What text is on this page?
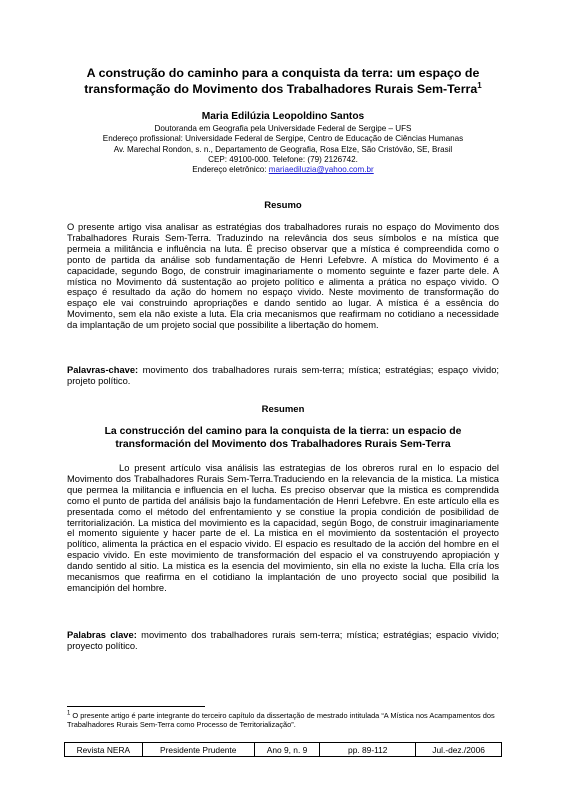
A construção do caminho para a conquista da terra: um espaço de
transformação do Movimento dos Trabalhadores Rurais Sem-Terra$^1$
Maria Edilúzia Leopoldino Santos
Doutoranda em Geografia pela Universidade Federal de Sergipe – UFS
Endereço profissional: Universidade Federal de Sergipe, Centro de Educação de Ciências Humanas
Av. Marechal Rondon, s. n., Departamento de Geografia, Rosa Elze, São Cristóvão, SE, Brasil
CEP: 49100-000. Telefone: (79) 2126742.
Endereço eletrônico: mariaediluzia@yahoo.com.br
Resumo
O presente artigo visa analisar as estratégias dos trabalhadores rurais no espaço do Movimento dos Trabalhadores Rurais Sem-Terra. Traduzindo na relevância dos seus símbolos e na mística que permeia a militância e influência na luta. É preciso observar que a mística é compreendida como o ponto de partida da análise sob fundamentação de Henri Lefebvre. A mística do Movimento é a capacidade, segundo Bogo, de construir imaginariamente o momento seguinte e fazer parte dele. A mística no Movimento dá sustentação ao projeto político e alimenta a prática no espaço vivido. O espaço é resultado da ação do homem no espaço vivido. Neste movimento de transformação do espaço ele vai construindo apropriações e dando sentido ao lugar. A mística é a essência do Movimento, sem ela não existe a luta. Ela cria mecanismos que reafirmam no cotidiano a necessidade da implantação de um projeto social que possibilite a libertação do homem.
Palavras-chave: movimento dos trabalhadores rurais sem-terra; mística; estratégias; espaço vivido; projeto político.
Resumen
La construcción del camino para la conquista de la tierra: un espacio de
transformación del Movimento dos Trabalhadores Rurais Sem-Terra
Lo present artículo visa análisis las estrategias de los obreros rural en lo espacio del Movimento dos Trabalhadores Rurais Sem-Terra.Traduciendo en la relevancia de la mistica. La mistica que permea la militancia e influencia en el lucha. Es preciso observar que la mistica es comprendida como el punto de partida del análisis bajo la fundamentación de Henri Lefebvre. En este artículo ella es presentada como el método del enfrentamiento y se constiue la propia condición de posibilidad de territorialización. La mistica del movimiento es la capacidad, según Bogo, de construir imaginariamente el momento siguiente y hacer parte de el. La mistica en el movimiento da sostentación el proyecto político, alimenta la práctica en el espacio vivido. El espacio es resultado de la acción del hombre en el espacio vivido. En este movimiento de transformación del espacio el va construyendo apropiación y dando sentido al sitio. La mistica es la esencia del movimiento, sin ella no existe la lucha. Ella cría los mecanismos que reafirma en el cotidiano la implantación de uno proyecto social que posibilid la emancipión del hombre.
Palabras clave: movimento dos trabalhadores rurais sem-terra; mística; estratégias; espacio vivido; proyecto político.
$^1$ O presente artigo é parte integrante do terceiro capítulo da dissertação de mestrado intitulada “A Mística nos Acampamentos dos Trabalhadores Rurais Sem-Terra como Processo de Territorialização”.
Revista NERA	Presidente Prudente	Ano 9, n. 9	pp. 89-112	Jul.-dez./2006
